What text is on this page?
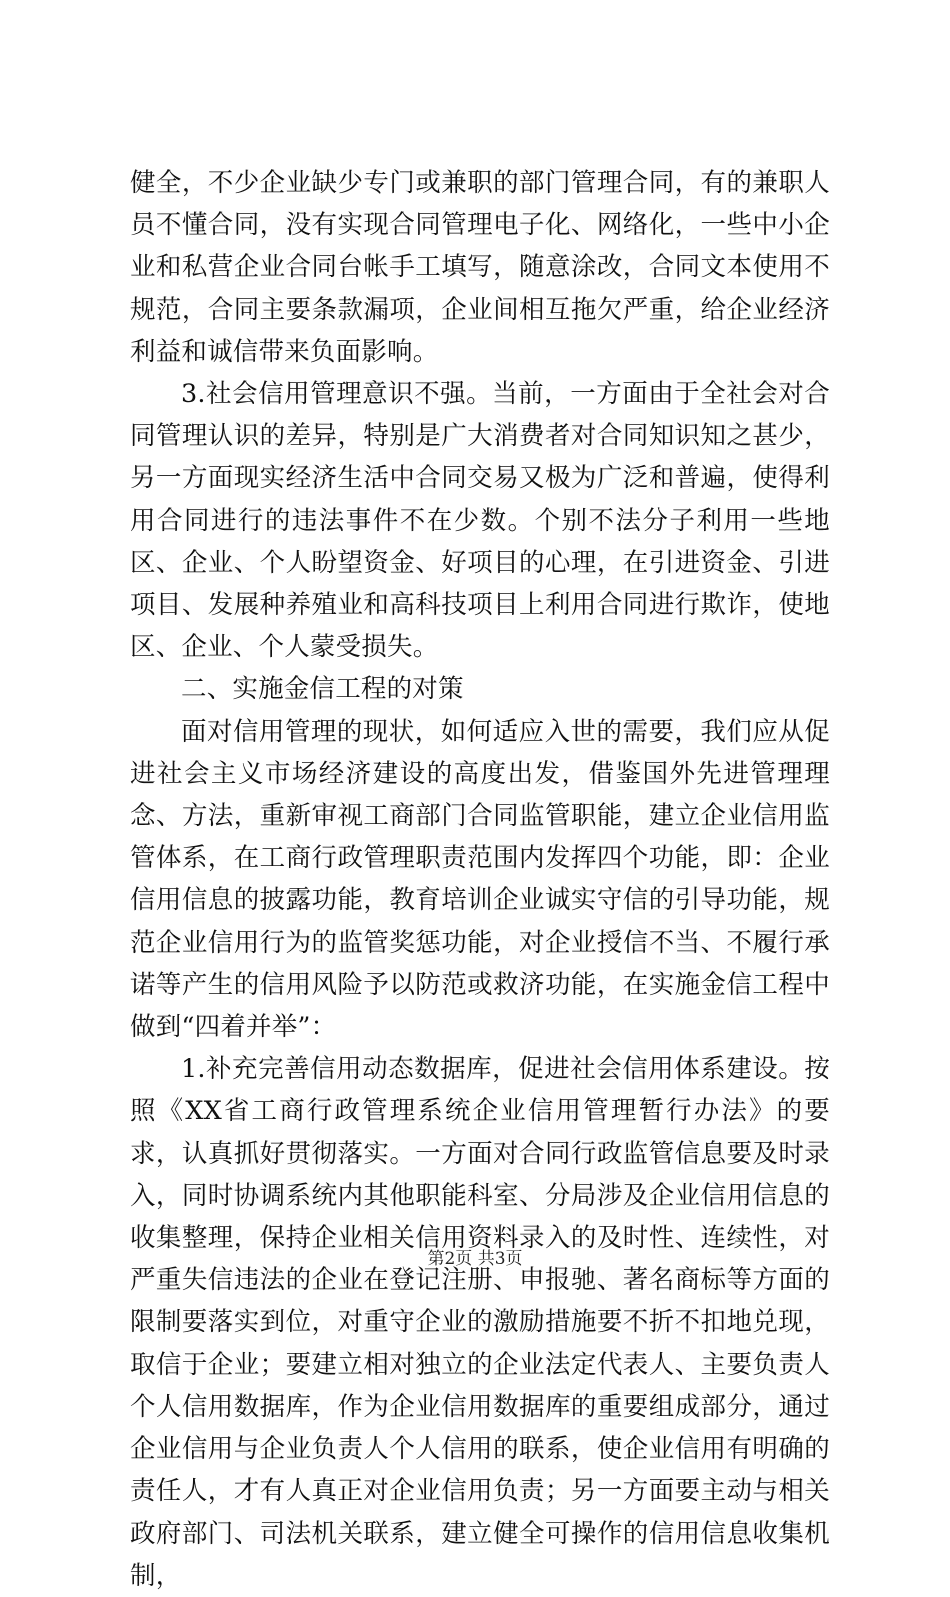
健全，不少企业缺少专门或兼职的部门管理合同，有的兼职人员不懂合同，没有实现合同管理电子化、网络化，一些中小企业和私营企业合同台帐手工填写，随意涂改，合同文本使用不规范，合同主要条款漏项，企业间相互拖欠严重，给企业经济利益和诚信带来负面影响。

3.社会信用管理意识不强。当前，一方面由于全社会对合同管理认识的差异，特别是广大消费者对合同知识知之甚少，另一方面现实经济生活中合同交易又极为广泛和普遍，使得利用合同进行的违法事件不在少数。个别不法分子利用一些地区、企业、个人盼望资金、好项目的心理，在引进资金、引进项目、发展种养殖业和高科技项目上利用合同进行欺诈，使地区、企业、个人蒙受损失。

二、实施金信工程的对策

面对信用管理的现状，如何适应入世的需要，我们应从促进社会主义市场经济建设的高度出发，借鉴国外先进管理理念、方法，重新审视工商部门合同监管职能，建立企业信用监管体系，在工商行政管理职责范围内发挥四个功能，即：企业信用信息的披露功能，教育培训企业诚实守信的引导功能，规范企业信用行为的监管奖惩功能，对企业授信不当、不履行承诺等产生的信用风险予以防范或救济功能，在实施金信工程中做到“四着并举”：

1.补充完善信用动态数据库，促进社会信用体系建设。按照《XX省工商行政管理系统企业信用管理暂行办法》的要求，认真抓好贯彻落实。一方面对合同行政监管信息要及时录入，同时协调系统内其他职能科室、分局涉及企业信用信息的收集整理，保持企业相关信用资料录入的及时性、连续性，对严重失信违法的企业在登记注册、申报驰、著名商标等方面的限制要落实到位，对重守企业的激励措施要不折不扣地兑现，取信于企业；要建立相对独立的企业法定代表人、主要负责人个人信用数据库，作为企业信用数据库的重要组成部分，通过企业信用与企业负责人个人信用的联系，使企业信用有明确的责任人，才有人真正对企业信用负责；另一方面要主动与相关政府部门、司法机关联系，建立健全可操作的信用信息收集机制，

第2页 共3页
